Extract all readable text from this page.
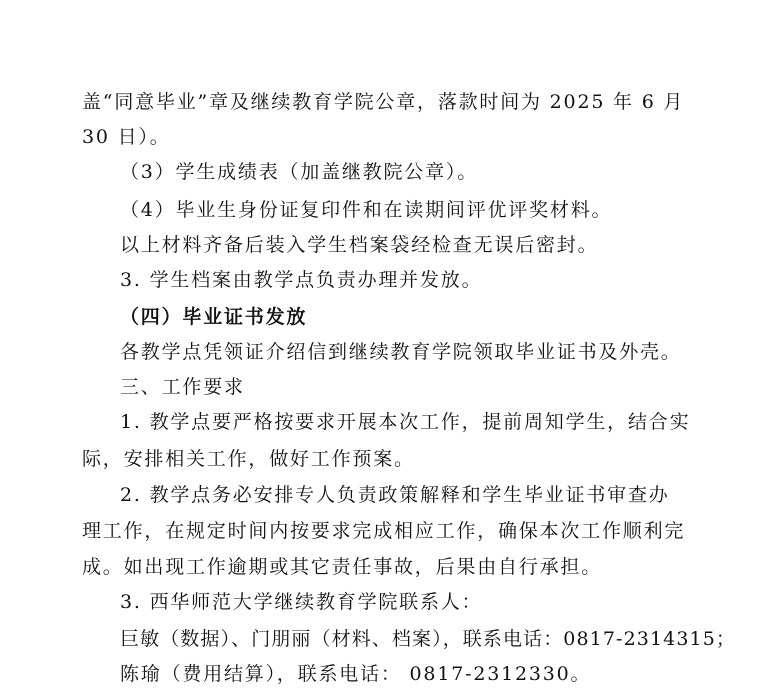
盖“同意毕业”章及继续教育学院公章，落款时间为 2025 年 6 月
30 日）。
（3）学生成绩表（加盖继教院公章）。
（4）毕业生身份证复印件和在读期间评优评奖材料。
以上材料齐备后装入学生档案袋经检查无误后密封。
3. 学生档案由教学点负责办理并发放。
（四）毕业证书发放
各教学点凭领证介绍信到继续教育学院领取毕业证书及外壳。
三、工作要求
1. 教学点要严格按要求开展本次工作，提前周知学生，结合实
际，安排相关工作，做好工作预案。
2. 教学点务必安排专人负责政策解释和学生毕业证书审查办
理工作，在规定时间内按要求完成相应工作，确保本次工作顺利完
成。如出现工作逾期或其它责任事故，后果由自行承担。
3. 西华师范大学继续教育学院联系人：
巨敏（数据）、门朋丽（材料、档案），联系电话：0817-2314315；
陈瑜（费用结算），联系电话： 0817-2312330。
